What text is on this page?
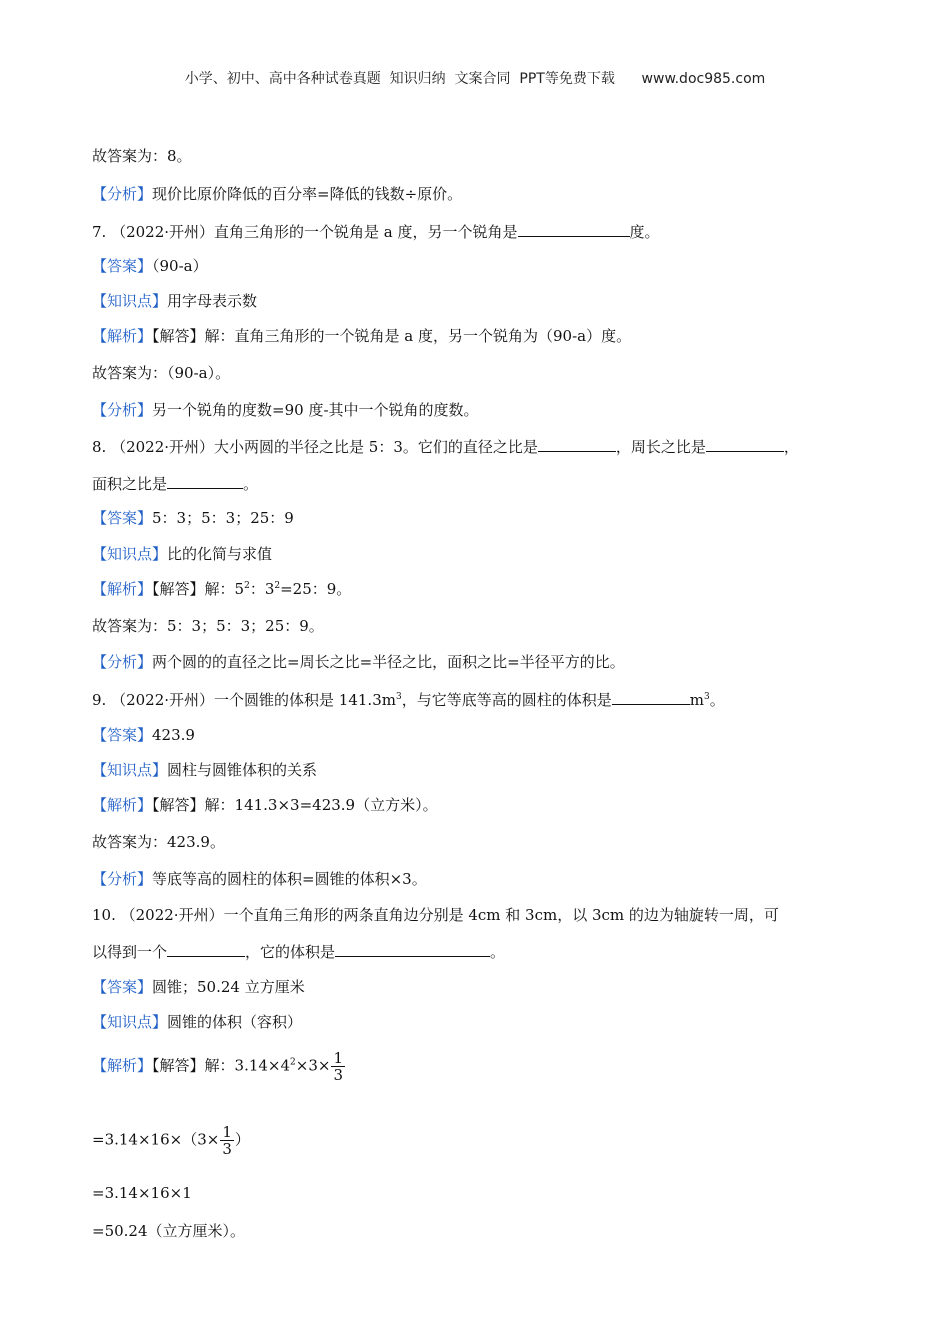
小学、初中、高中各种试卷真题  知识归纳  文案合同  PPT等免费下载      www.doc985.com
故答案为：8。
【分析】现价比原价降低的百分率=降低的钱数÷原价。
7. （2022·开州）直角三角形的一个锐角是 a 度，另一个锐角是	度。
【答案】（90-a）
【知识点】用字母表示数
【解析】【解答】解：直角三角形的一个锐角是 a 度，另一个锐角为（90-a）度。
故答案为：（90-a）。
【分析】另一个锐角的度数=90 度-其中一个锐角的度数。
8. （2022·开州）大小两圆的半径之比是 5：3。它们的直径之比是	，周长之比是	，
面积之比是	。
【答案】5：3；5：3；25：9
【知识点】比的化简与求值
【解析】【解答】解：$5^2$：$3^2=25$：9。
故答案为：5：3；5：3；25：9。
【分析】两个圆的的直径之比=周长之比=半径之比，面积之比=半径平方的比。
9. （2022·开州）一个圆锥的体积是 $141.3m^3$，与它等底等高的圆柱的体积是	$m^3$。
【答案】423.9
【知识点】圆柱与圆锥体积的关系
【解析】【解答】解：141.3×3=423.9（立方米）。
故答案为：423.9。
【分析】等底等高的圆柱的体积=圆锥的体积×3。
10. （2022·开州）一个直角三角形的两条直角边分别是 4cm 和 3cm，以 3cm 的边为轴旋转一周，可
以得到一个	，它的体积是	。
【答案】圆锥；50.24 立方厘米
【知识点】圆锥的体积（容积）
【解析】【解答】解：$3.14\times 4^2\times 3\times \frac{1}{3}$
$=3.14\times 16\times(3\times \frac{1}{3}$ ）
=3.14×16×1
=50.24（立方厘米）。
